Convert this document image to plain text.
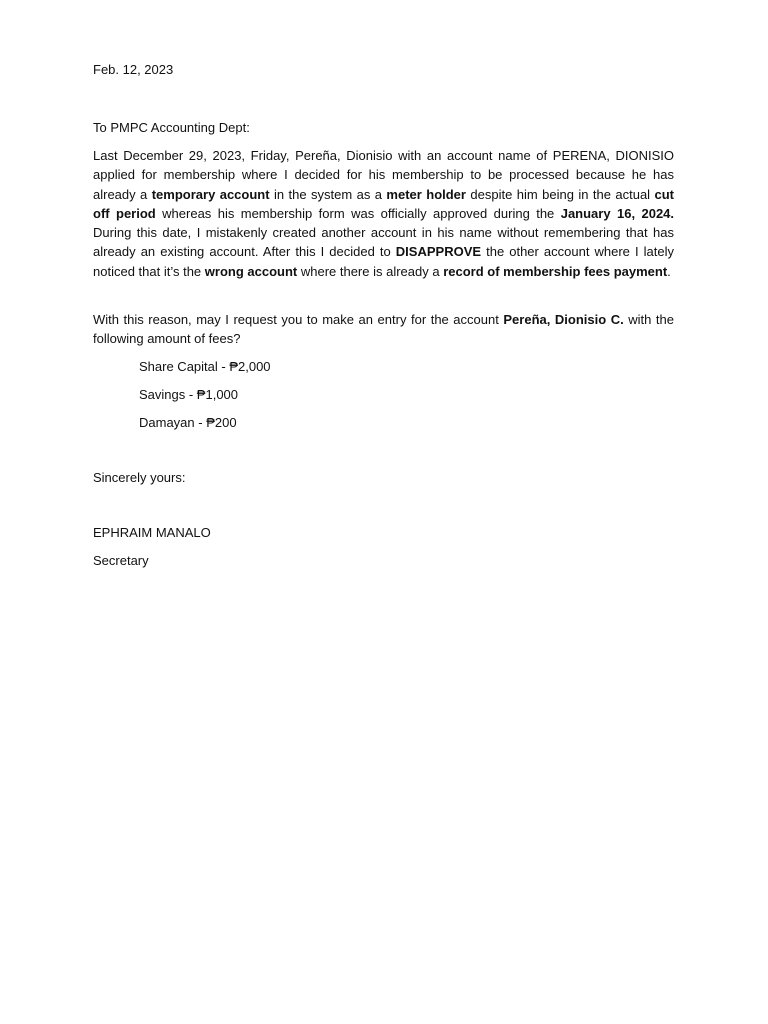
Feb. 12, 2023
To PMPC Accounting Dept:
Last December 29, 2023, Friday, Pereña, Dionisio with an account name of PERENA, DIONISIO applied for membership where I decided for his membership to be processed because he has already a temporary account in the system as a meter holder despite him being in the actual cut off period whereas his membership form was officially approved during the January 16, 2024. During this date, I mistakenly created another account in his name without remembering that has already an existing account. After this I decided to DISAPPROVE the other account where I lately noticed that it’s the wrong account where there is already a record of membership fees payment.
With this reason, may I request you to make an entry for the account Pereña, Dionisio C. with the following amount of fees?
Share Capital - ₱2,000
Savings - ₱1,000
Damayan - ₱200
Sincerely yours:
EPHRAIM MANALO
Secretary
